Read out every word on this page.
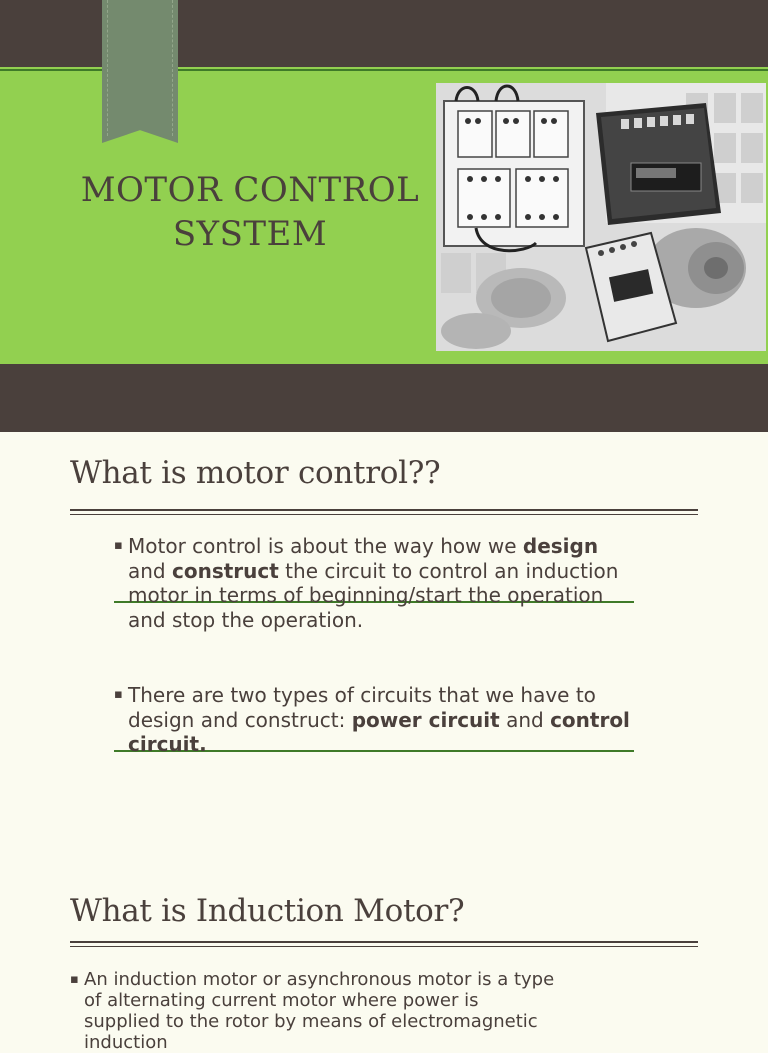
MOTOR CONTROL
SYSTEM
What is motor control??
▪ Motor control is about the way how we design and construct the circuit to control an induction motor in terms of beginning/start the operation and stop the operation.
▪ There are two types of circuits that we have to design and construct: power circuit and control circuit.
What is Induction Motor?
▪ An induction motor or asynchronous motor is a type of alternating current motor where power is supplied to the rotor by means of electromagnetic induction
